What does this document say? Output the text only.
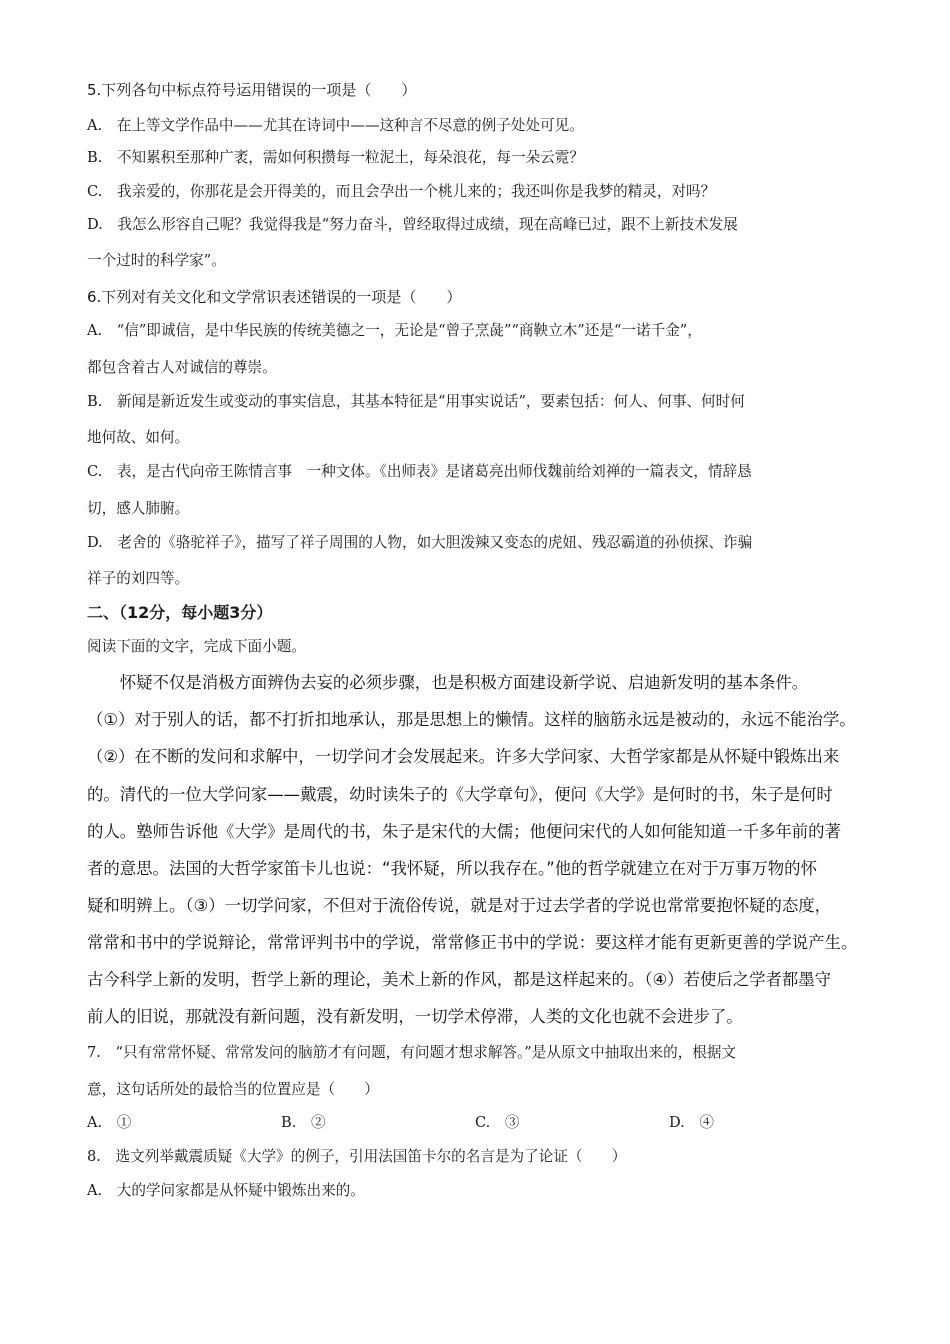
5.下列各句中标点符号运用错误的一项是（　　）
A.　在上等文学作品中——尤其在诗词中——这种言不尽意的例子处处可见。
B.　不知累积至那种广袤，需如何积攒每一粒泥土，每朵浪花，每一朵云霓？
C.　我亲爱的，你那花是会开得美的，而且会孕出一个桃儿来的；我还叫你是我梦的精灵，对吗？
D.　我怎么形容自己呢？我觉得我是“努力奋斗，曾经取得过成绩，现在高峰已过，跟不上新技术发展
一个过时的科学家”。
6.下列对有关文化和文学常识表述错误的一项是（　　）
A.　“信”即诚信，是中华民族的传统美德之一，无论是“曾子烹彘”“商鞅立木”还是“一诺千金”，
都包含着古人对诚信的尊崇。
B.　新闻是新近发生或变动的事实信息，其基本特征是“用事实说话”，要素包括：何人、何事、何时何
地何故、如何。
C.　表，是古代向帝王陈情言事　一种文体。《出师表》是诸葛亮出师伐魏前给刘禅的一篇表文，情辞恳
切，感人肺腑。
D.　老舍的《骆驼祥子》，描写了祥子周围的人物，如大胆泼辣又变态的虎妞、残忍霸道的孙侦探、诈骗
祥子的刘四等。
二、（12分，每小题3分）
阅读下面的文字，完成下面小题。
　　怀疑不仅是消极方面辨伪去妄的必须步骤，也是积极方面建设新学说、启迪新发明的基本条件。
（①）对于别人的话，都不打折扣地承认，那是思想上的懒情。这样的脑筋永远是被动的，永远不能治学。
（②）在不断的发问和求解中，一切学问才会发展起来。许多大学问家、大哲学家都是从怀疑中锻炼出来
的。清代的一位大学问家——戴震，幼时读朱子的《大学章句》，便问《大学》是何时的书，朱子是何时
的人。塾师告诉他《大学》是周代的书，朱子是宋代的大儒；他便问宋代的人如何能知道一千多年前的著
者的意思。法国的大哲学家笛卡儿也说：“我怀疑，所以我存在。”他的哲学就建立在对于万事万物的怀
疑和明辨上。（③）一切学问家，不但对于流俗传说，就是对于过去学者的学说也常常要抱怀疑的态度，
常常和书中的学说辩论，常常评判书中的学说，常常修正书中的学说：要这样才能有更新更善的学说产生。
古今科学上新的发明，哲学上新的理论，美术上新的作风，都是这样起来的。（④）若使后之学者都墨守
前人的旧说，那就没有新问题，没有新发明，一切学术停滞，人类的文化也就不会进步了。
7.　“只有常常怀疑、常常发问的脑筋才有问题，有问题才想求解答。”是从原文中抽取出来的，根据文
意，这句话所处的最恰当的位置应是（　　）
A.　①	B.　②	C.　③	D.　④
8.　选文列举戴震质疑《大学》的例子，引用法国笛卡尔的名言是为了论证（　　）
A.　大的学问家都是从怀疑中锻炼出来的。
